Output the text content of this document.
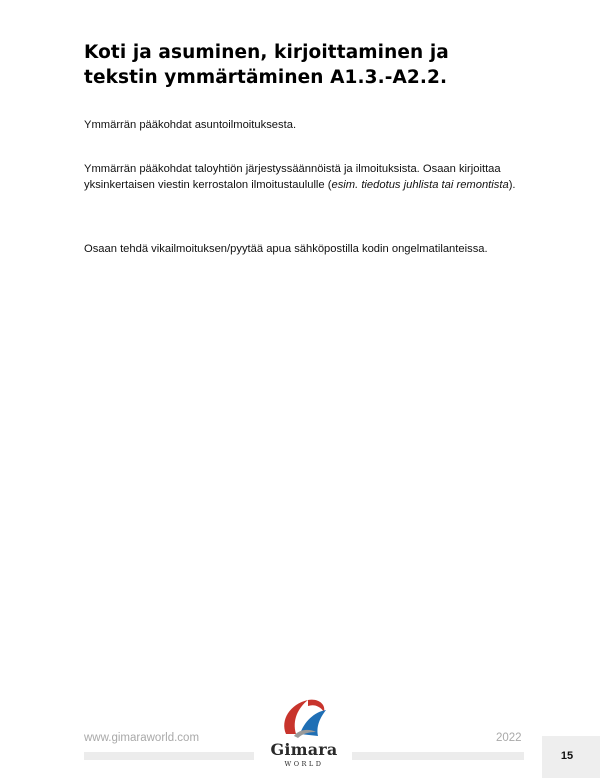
Koti ja asuminen, kirjoittaminen ja tekstin ymmärtäminen A1.3.-A2.2.
Ymmärrän pääkohdat asuntoilmoituksesta.
Ymmärrän pääkohdat taloyhtiön järjestyssäännöistä ja ilmoituksista. Osaan kirjoittaa yksinkertaisen viestin kerrostalon ilmoitustaululle (esim. tiedotus juhlista tai remontista).
Osaan tehdä vikailmoituksen/pyytää apua sähköpostilla kodin ongelmatilanteissa.
www.gimaraworld.com	2022
Gimara
WORLD
15
